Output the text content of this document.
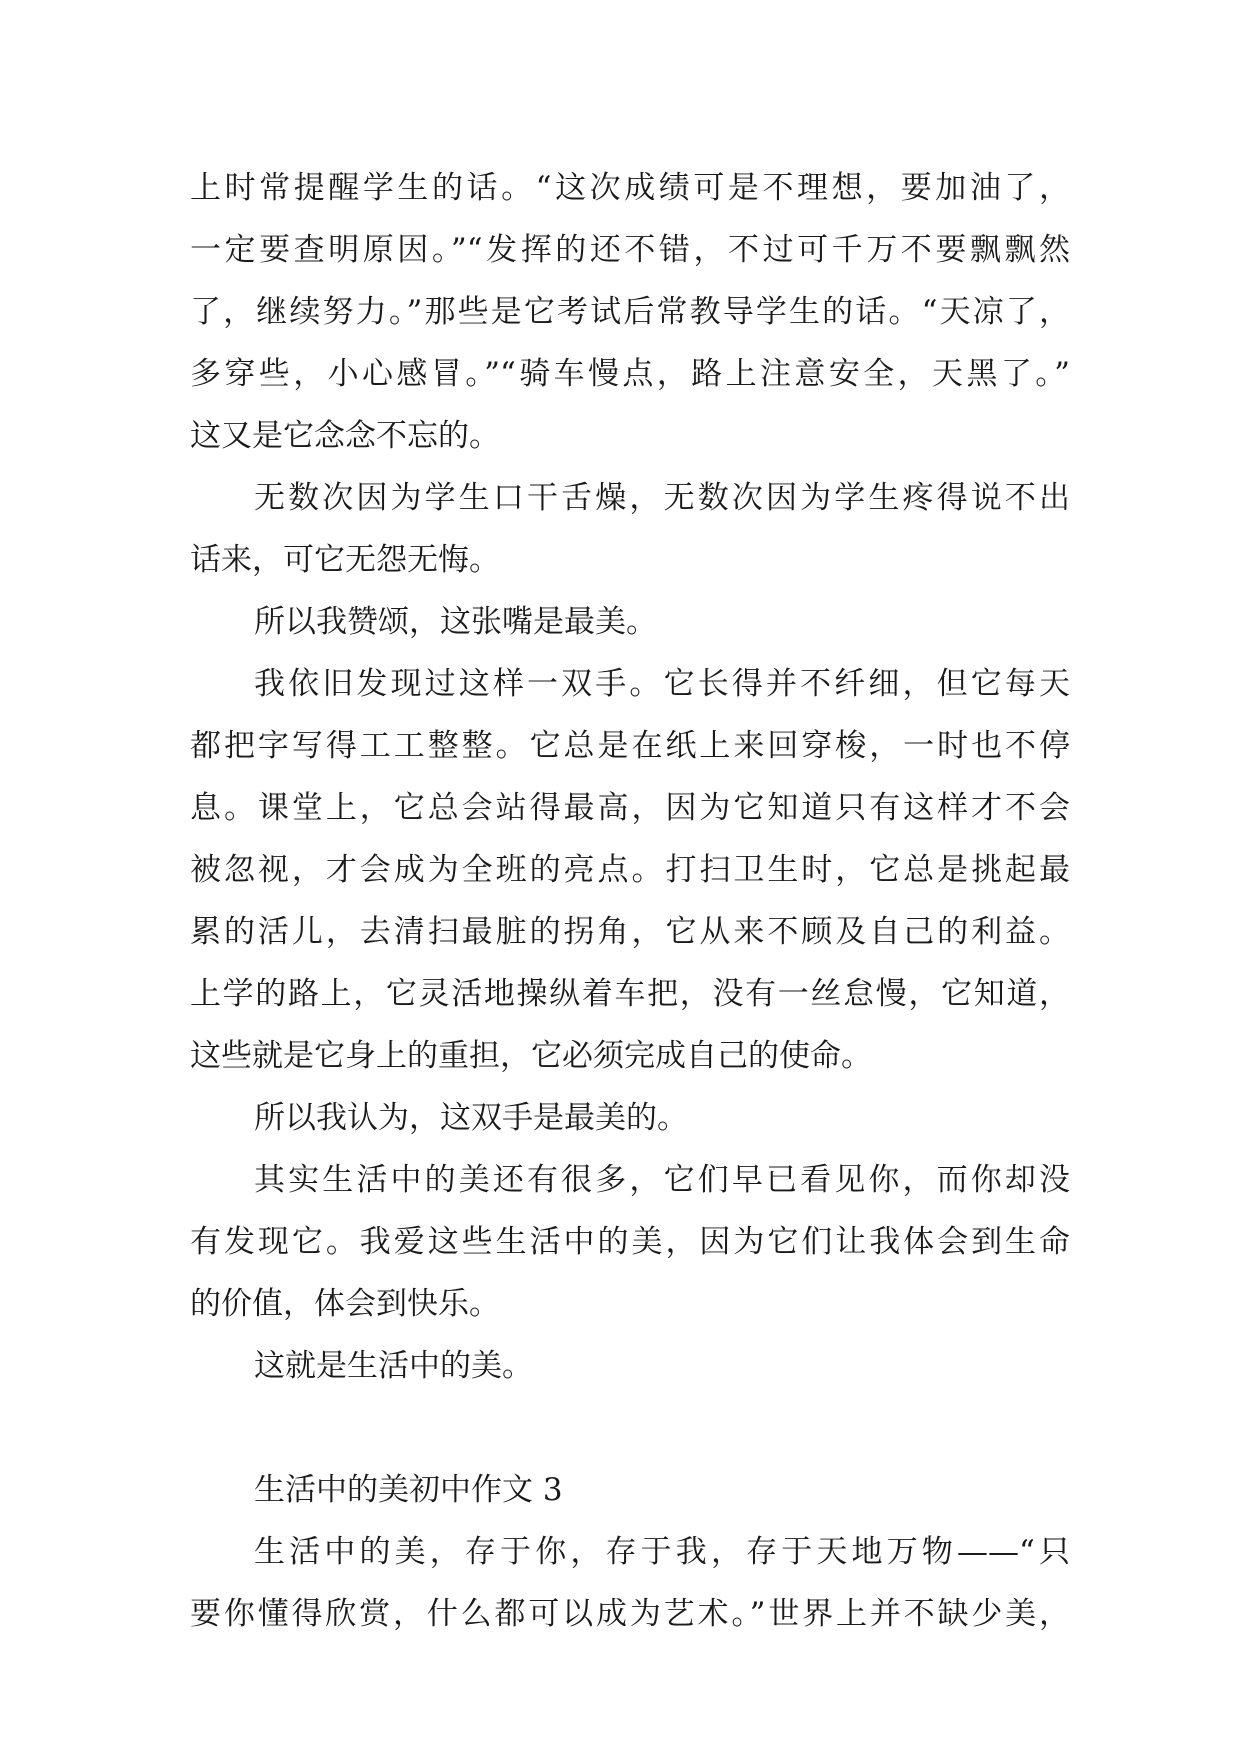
上时常提醒学生的话。“这次成绩可是不理想，要加油了，
一定要查明原因。”“发挥的还不错，不过可千万不要飘飘然
了，继续努力。”那些是它考试后常教导学生的话。“天凉了，
多穿些，小心感冒。”“骑车慢点，路上注意安全，天黑了。”
这又是它念念不忘的。
无数次因为学生口干舌燥，无数次因为学生疼得说不出
话来，可它无怨无悔。
所以我赞颂，这张嘴是最美。
我依旧发现过这样一双手。它长得并不纤细，但它每天
都把字写得工工整整。它总是在纸上来回穿梭，一时也不停
息。课堂上，它总会站得最高，因为它知道只有这样才不会
被忽视，才会成为全班的亮点。打扫卫生时，它总是挑起最
累的活儿，去清扫最脏的拐角，它从来不顾及自己的利益。
上学的路上，它灵活地操纵着车把，没有一丝怠慢，它知道，
这些就是它身上的重担，它必须完成自己的使命。
所以我认为，这双手是最美的。
其实生活中的美还有很多，它们早已看见你，而你却没
有发现它。我爱这些生活中的美，因为它们让我体会到生命
的价值，体会到快乐。
这就是生活中的美。
生活中的美初中作文 3
生活中的美，存于你，存于我，存于天地万物——“只
要你懂得欣赏，什么都可以成为艺术。”世界上并不缺少美，
